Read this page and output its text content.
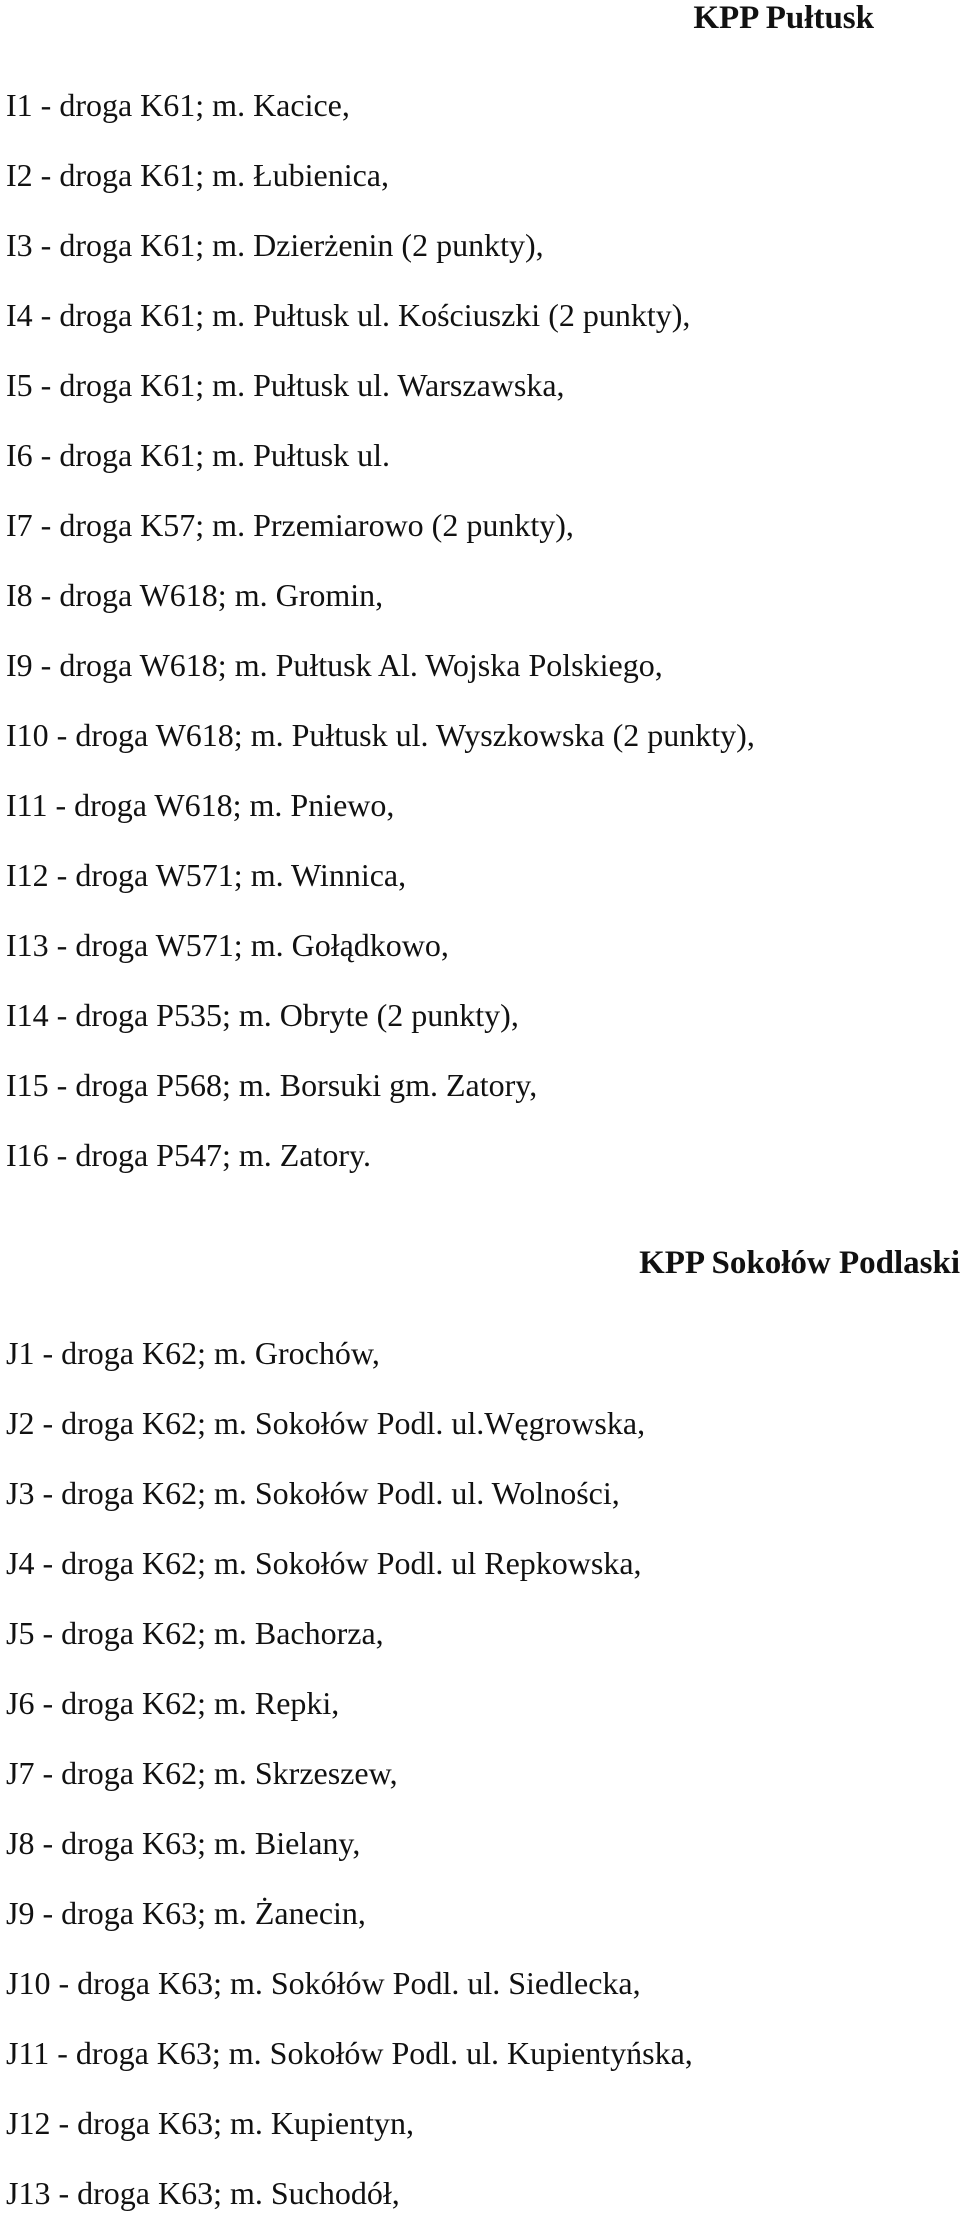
KPP Pułtusk
I1 - droga K61; m. Kacice,
I2 - droga K61; m. Łubienica,
I3 - droga K61; m. Dzierżenin (2 punkty),
I4 - droga K61; m. Pułtusk ul. Kościuszki (2 punkty),
I5 - droga K61; m. Pułtusk ul. Warszawska,
I6 - droga K61; m. Pułtusk ul.
I7 - droga K57; m. Przemiarowo (2 punkty),
I8 - droga W618; m. Gromin,
I9 - droga W618; m. Pułtusk Al. Wojska Polskiego,
I10 - droga W618; m. Pułtusk ul. Wyszkowska (2 punkty),
I11 - droga W618; m. Pniewo,
I12 - droga W571; m. Winnica,
I13 - droga W571; m. Gołądkowo,
I14 - droga P535; m. Obryte (2 punkty),
I15 - droga P568; m. Borsuki gm. Zatory,
I16 - droga P547; m. Zatory.
KPP Sokołów Podlaski
J1 - droga K62; m. Grochów,
J2 - droga K62; m. Sokołów Podl. ul.Węgrowska,
J3 - droga K62; m. Sokołów Podl. ul. Wolności,
J4 - droga K62; m. Sokołów Podl. ul Repkowska,
J5 - droga K62; m. Bachorza,
J6 - droga K62; m. Repki,
J7 - droga K62; m. Skrzeszew,
J8 - droga K63; m. Bielany,
J9 - droga K63; m. Żanecin,
J10 - droga K63; m. Sokółów Podl. ul. Siedlecka,
J11 - droga K63; m. Sokołów Podl. ul. Kupientyńska,
J12 - droga K63; m. Kupientyn,
J13 - droga K63; m. Suchodół,
